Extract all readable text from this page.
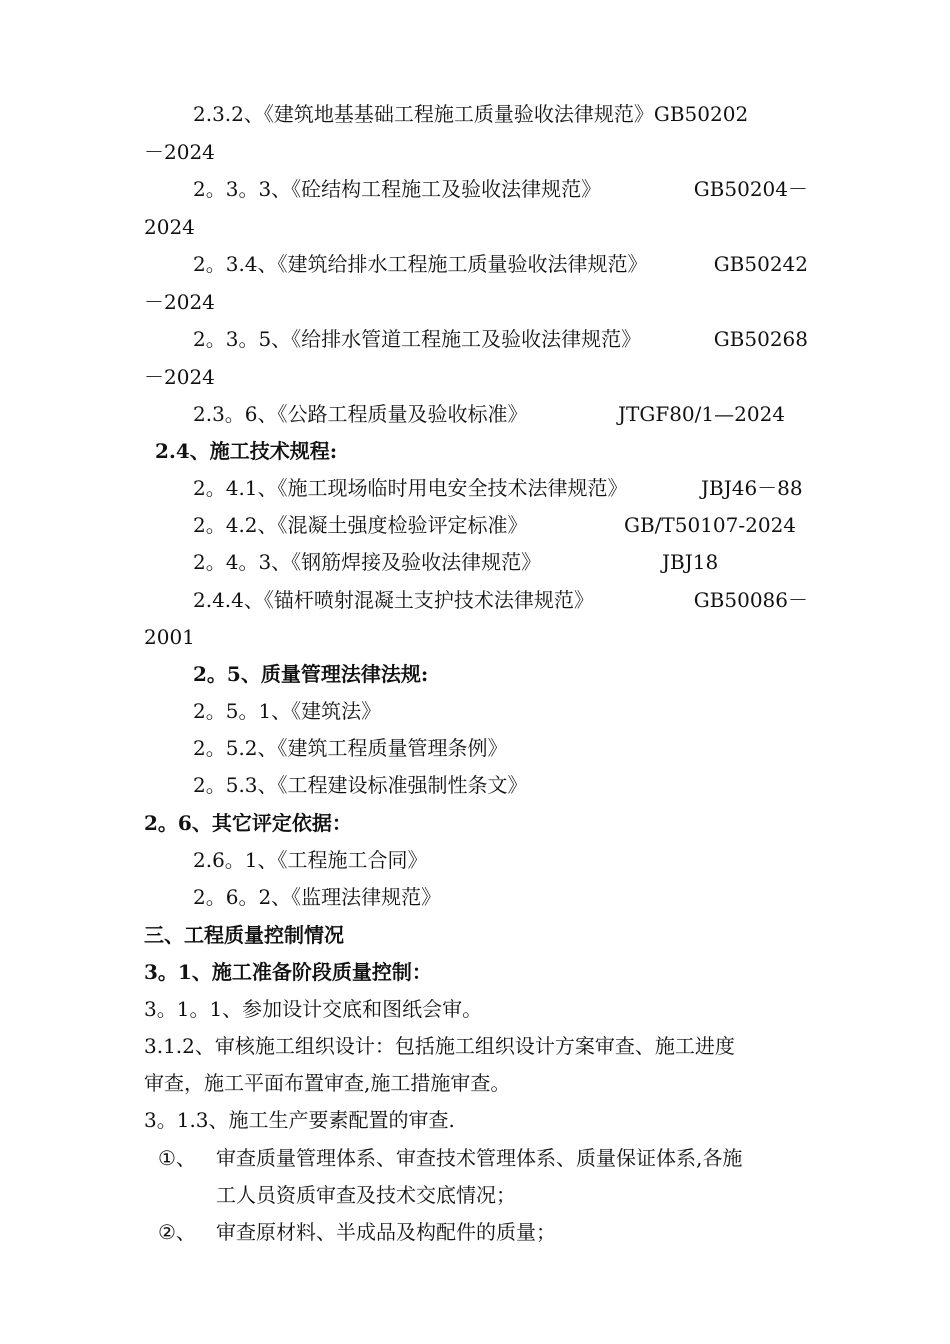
2.3.2、《建筑地基基础工程施工质量验收法律规范》GB50202
－2024
2。3。3、《砼结构工程施工及验收法律规范》	GB50204－
2024
2。3.4、《建筑给排水工程施工质量验收法律规范》	GB50242
－2024
2。3。5、《给排水管道工程施工及验收法律规范》	GB50268
－2024
2.3。6、《公路工程质量及验收标准》	JTGF80/1—2024
2.4、施工技术规程:
2。4.1、《施工现场临时用电安全技术法律规范》	JBJ46－88
2。4.2、《混凝土强度检验评定标准》	GB/T50107-2024
2。4。3、《钢筋焊接及验收法律规范》	JBJ18
2.4.4、《锚杆喷射混凝土支护技术法律规范》	GB50086－
2001
2。5、质量管理法律法规:
2。5。1、《建筑法》
2。5.2、《建筑工程质量管理条例》
2。5.3、《工程建设标准强制性条文》
2。6、其它评定依据：
2.6。1、《工程施工合同》
2。6。2、《监理法律规范》
三、工程质量控制情况
3。1、施工准备阶段质量控制：
3。1。1、参加设计交底和图纸会审。
3.1.2、审核施工组织设计：包括施工组织设计方案审查、施工进度
审查，施工平面布置审查,施工措施审查。
3。1.3、施工生产要素配置的审查.
①、	审查质量管理体系、审查技术管理体系、质量保证体系,各施
工人员资质审查及技术交底情况；
②、	审查原材料、半成品及构配件的质量；
